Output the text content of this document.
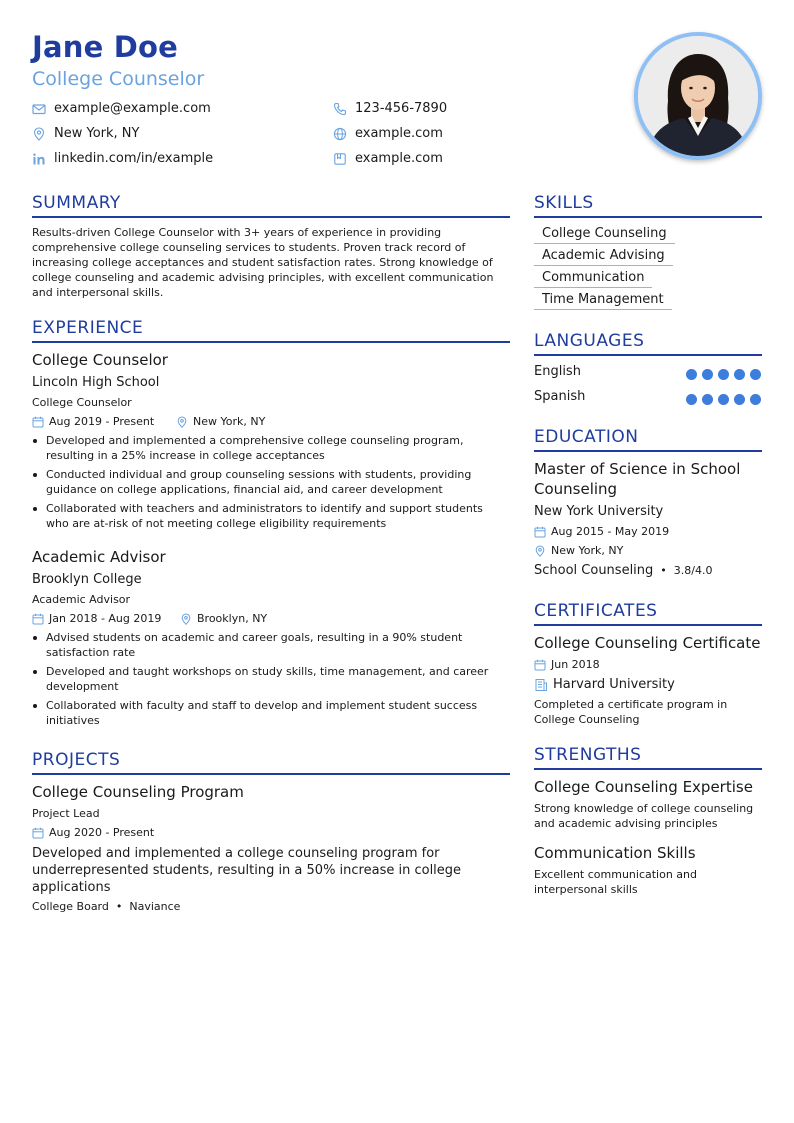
Jane Doe
College Counselor
example@example.com	123-456-7890
New York, NY	example.com
linkedin.com/in/example	example.com
SUMMARY
Results-driven College Counselor with 3+ years of experience in providing comprehensive college counseling services to students. Proven track record of increasing college acceptances and student satisfaction rates. Strong knowledge of college counseling and academic advising principles, with excellent communication and interpersonal skills.
EXPERIENCE
College Counselor
Lincoln High School
College Counselor
Aug 2019 - Present	New York, NY
Developed and implemented a comprehensive college counseling program, resulting in a 25% increase in college acceptances
Conducted individual and group counseling sessions with students, providing guidance on college applications, financial aid, and career development
Collaborated with teachers and administrators to identify and support students who are at-risk of not meeting college eligibility requirements
Academic Advisor
Brooklyn College
Academic Advisor
Jan 2018 - Aug 2019	Brooklyn, NY
Advised students on academic and career goals, resulting in a 90% student satisfaction rate
Developed and taught workshops on study skills, time management, and career development
Collaborated with faculty and staff to develop and implement student success initiatives
PROJECTS
College Counseling Program
Project Lead
Aug 2020 - Present
Developed and implemented a college counseling program for underrepresented students, resulting in a 50% increase in college applications
College Board • Naviance
SKILLS
College Counseling
Academic Advising
Communication
Time Management
LANGUAGES
English
Spanish
EDUCATION
Master of Science in School
Counseling
New York University
Aug 2015 - May 2019
New York, NY
School Counseling • 3.8/4.0
CERTIFICATES
College Counseling Certificate
Jun 2018
Harvard University
Completed a certificate program in College Counseling
STRENGTHS
College Counseling Expertise
Strong knowledge of college counseling and academic advising principles
Communication Skills
Excellent communication and interpersonal skills
